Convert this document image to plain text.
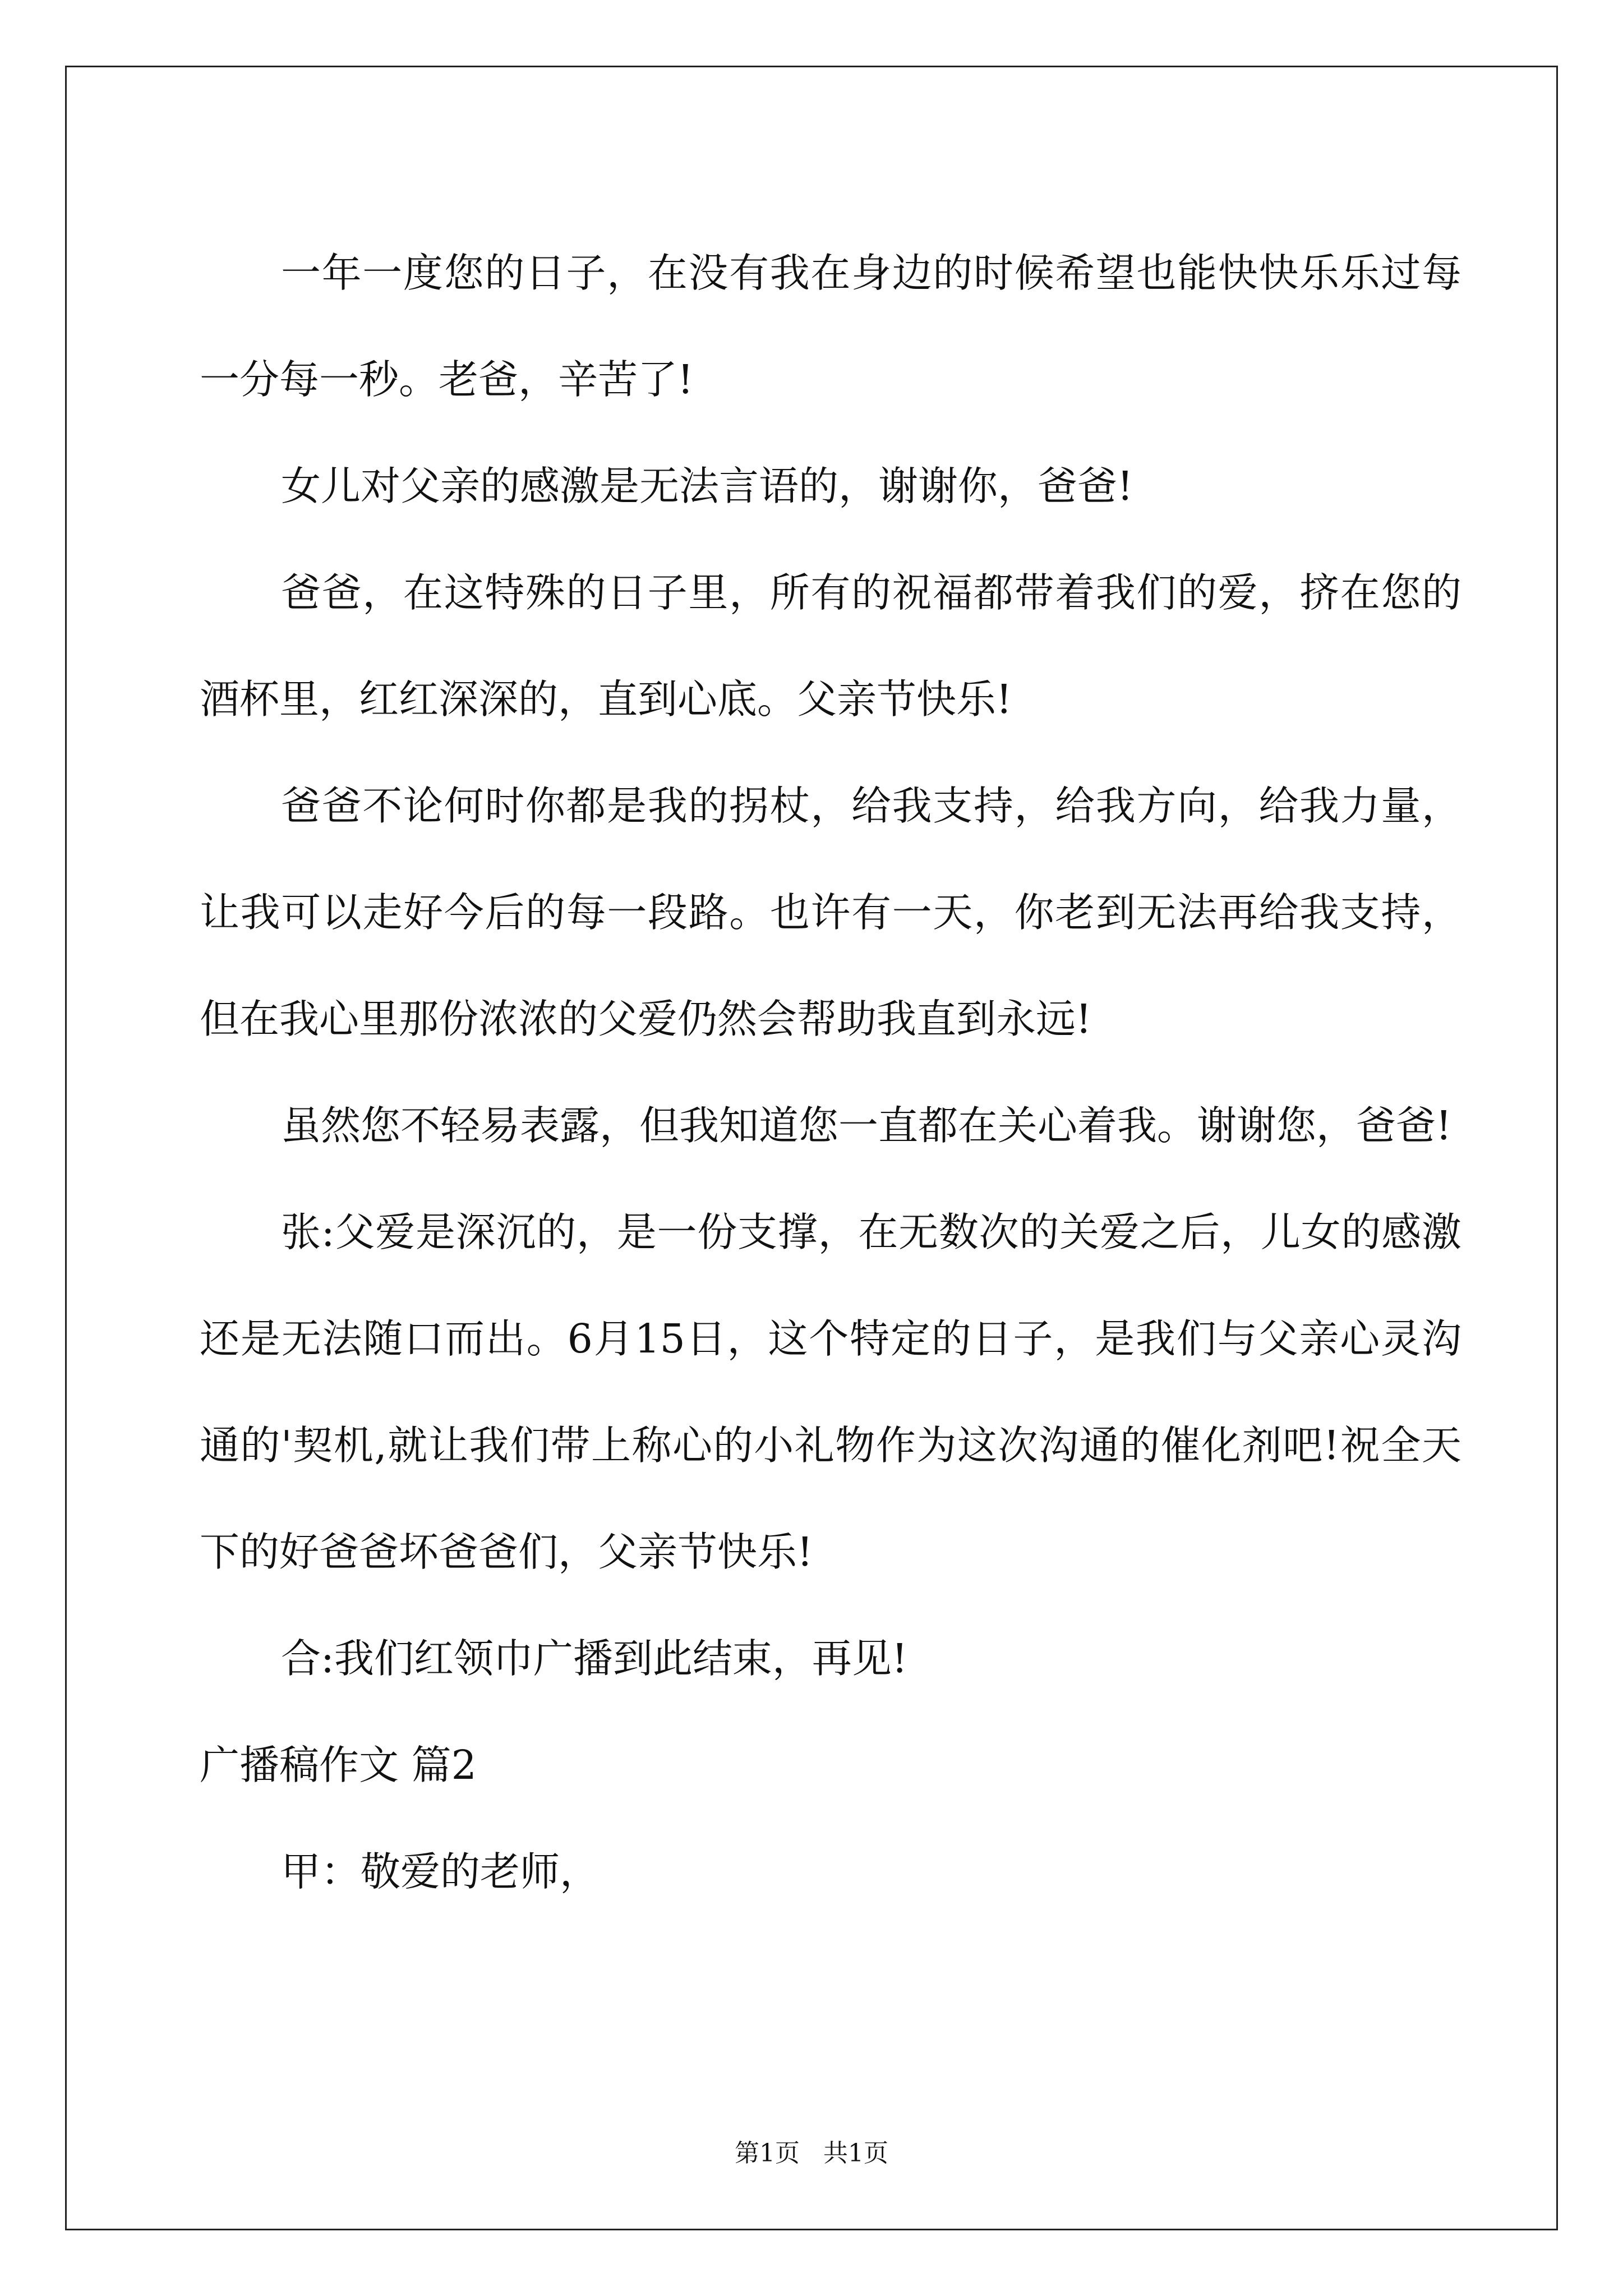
一年一度您的日子，在没有我在身边的时候希望也能快快乐乐过每一分每一秒。老爸，辛苦了!

女儿对父亲的感激是无法言语的，谢谢你，爸爸!

爸爸，在这特殊的日子里，所有的祝福都带着我们的爱，挤在您的酒杯里，红红深深的，直到心底。父亲节快乐!

爸爸不论何时你都是我的拐杖，给我支持，给我方向，给我力量，让我可以走好今后的每一段路。也许有一天，你老到无法再给我支持，但在我心里那份浓浓的父爱仍然会帮助我直到永远!

虽然您不轻易表露，但我知道您一直都在关心着我。谢谢您，爸爸!

张:父爱是深沉的，是一份支撑，在无数次的关爱之后，儿女的感激还是无法随口而出。6月15日，这个特定的日子，是我们与父亲心灵沟通的'契机,就让我们带上称心的小礼物作为这次沟通的催化剂吧!祝全天下的好爸爸坏爸爸们，父亲节快乐!

合:我们红领巾广播到此结束，再见!

广播稿作文 篇2

甲：敬爱的老师，

第1页   共1页
